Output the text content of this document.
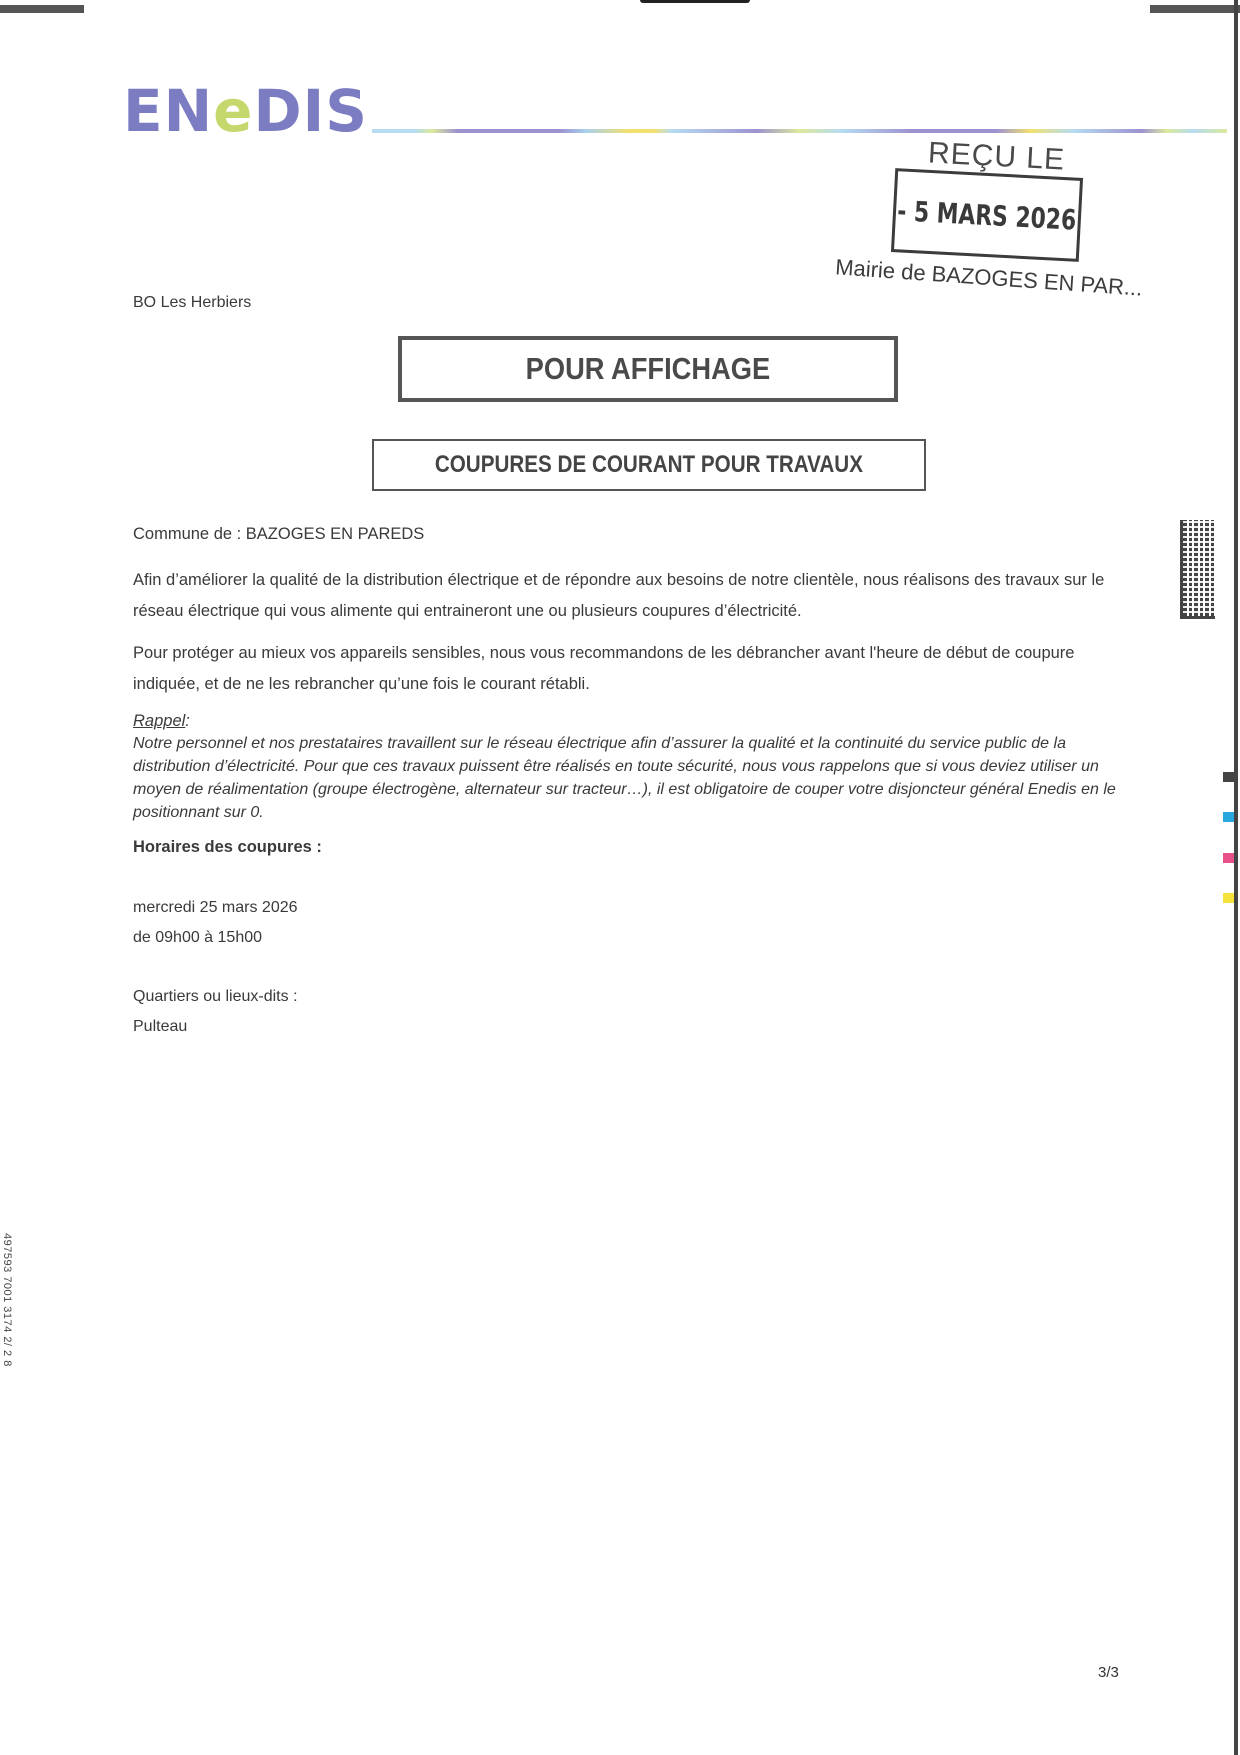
ENeDIS
REÇU LE
- 5 MARS 2026
Mairie de BAZOGES EN PAR...
BO Les Herbiers
POUR AFFICHAGE
COUPURES DE COURANT POUR TRAVAUX
Commune de : BAZOGES EN PAREDS
Afin d’améliorer la qualité de la distribution électrique et de répondre aux besoins de notre clientèle, nous réalisons des travaux sur le réseau électrique qui vous alimente qui entraineront une ou plusieurs coupures d’électricité.
Pour protéger au mieux vos appareils sensibles, nous vous recommandons de les débrancher avant l'heure de début de coupure indiquée, et de ne les rebrancher qu’une fois le courant rétabli.
Rappel:
Notre personnel et nos prestataires travaillent sur le réseau électrique afin d’assurer la qualité et la continuité du service public de la distribution d’électricité. Pour que ces travaux puissent être réalisés en toute sécurité, nous vous rappelons que si vous deviez utiliser un moyen de réalimentation (groupe électrogène, alternateur sur tracteur…), il est obligatoire de couper votre disjoncteur général Enedis en le positionnant sur 0.
Horaires des coupures :
mercredi 25 mars 2026
de 09h00 à 15h00
Quartiers ou lieux-dits :
Pulteau
3/3
497593 7001 3174 2/ 2 8
